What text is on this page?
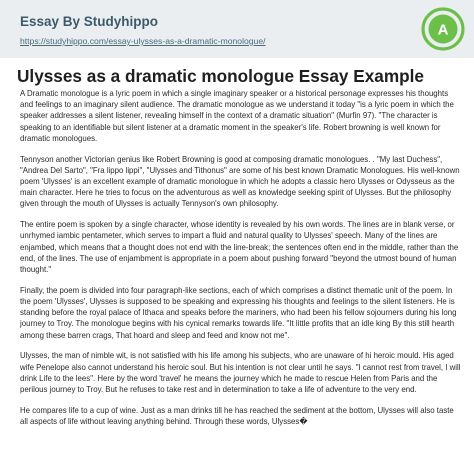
Essay By Studyhippo
https://studyhippo.com/essay-ulysses-as-a-dramatic-monologue/
A
Ulysses as a dramatic monologue Essay Example

A Dramatic monologue is a lyric poem in which a single imaginary speaker or a historical personage expresses his thoughts and feelings to an imaginary silent audience. The dramatic monologue as we understand it today "is a lyric poem in which the speaker addresses a silent listener, revealing himself in the context of a dramatic situation" (Murfin 97). "The character is speaking to an identifiable but silent listener at a dramatic moment in the speaker's life. Robert browning is well known for dramatic monologues.

Tennyson another Victorian genius like Robert Browning is good at composing dramatic monologues. . "My last Duchess", "Andrea Del Sarto", "Fra lippo lippi", "Ulysses and Tithonus" are some of his best known Dramatic Monologues. His well-known poem 'Ulysses' is an excellent example of dramatic monologue in which he adopts a classic hero Ulysses or Odysseus as the main character. Here he tries to focus on the adventurous as well as knowledge seeking spirit of Ulysses. But the philosophy given through the mouth of Ulysses is actually Tennyson's own philosophy.

The entire poem is spoken by a single character, whose identity is revealed by his own words. The lines are in blank verse, or unrhymed iambic pentameter, which serves to impart a fluid and natural quality to Ulysses' speech. Many of the lines are enjambed, which means that a thought does not end with the line-break; the sentences often end in the middle, rather than the end, of the lines. The use of enjambment is appropriate in a poem about pushing forward "beyond the utmost bound of human thought."

Finally, the poem is divided into four paragraph-like sections, each of which comprises a distinct thematic unit of the poem. In the poem 'Ulysses', Ulysses is supposed to be speaking and expressing his thoughts and feelings to the silent listeners. He is standing before the royal palace of Ithaca and speaks before the mariners, who had been his fellow sojourners during his long journey to Troy. The monologue begins with his cynical remarks towards life. "It little profits that an idle king By this still hearth among these barren crags, That hoard and sleep and feed and know not me".

Ulysses, the man of nimble wit, is not satisfied with his life among his subjects, who are unaware of hi heroic mould. His aged wife Penelope also cannot understand his heroic soul. But his intention is not clear until he says. "I cannot rest from travel, I will drink Life to the lees". Here by the word 'travel' he means the journey which he made to rescue Helen from Paris and the perilous journey to Troy. But he refuses to take rest and in determination to take a life of adventure to the very end.

He compares life to a cup of wine. Just as a man drinks till he has reached the sediment at the bottom, Ulysses will also taste all aspects of life without leaving anything behind. Through these words, Ulysses�
